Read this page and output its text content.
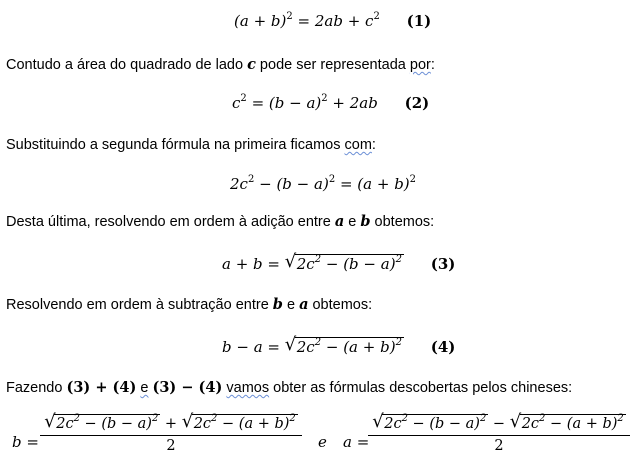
$(a + b)^2 = 2ab + c^2$ (1)
Contudo a área do quadrado de lado c pode ser representada por:
$c^2 = (b - a)^2 + 2ab$ (2)
Substituindo a segunda fórmula na primeira ficamos com:
$2c^2 - (b - a)^2 = (a + b)^2$
Desta última, resolvendo em ordem à adição entre a e b obtemos:
a + b = √ $2c^2 - (b - a)^2$ (3)
Resolvendo em ordem à subtração entre b e a obtemos:
b − a = √ $2c^2 - (a + b)^2$ (4)
Fazendo (3) + (4) e (3) − (4) vamos obter as fórmulas descobertas pelos chineses:
$b = \frac{√ 2c^2 - (b - a)^2 + √ 2c^2 - (a + b)^2}{2}$ e a =
$\frac{√ 2c^2 - (b - a)^2 - √ 2c^2 - (a + b)^2}{2}$
